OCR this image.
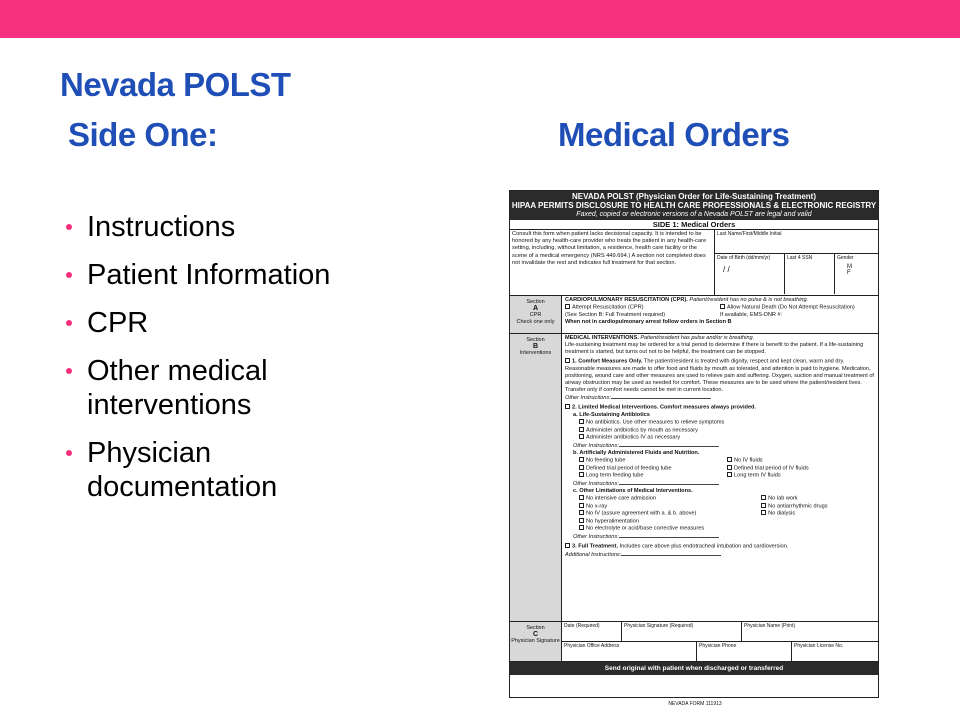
Nevada POLST
Side One:	Medical Orders
Instructions
Patient Information
CPR
Other medical interventions
Physician documentation
NEVADA POLST (Physician Order for Life-Sustaining Treatment)
HIPAA PERMITS DISCLOSURE TO HEALTH CARE PROFESSIONALS & ELECTRONIC REGISTRY
Faxed, copied or electronic versions of a Nevada POLST are legal and valid
SIDE 1: Medical Orders
Consult this form when patient lacks decisional capacity. It is intended to be honored by any health-care provider who treats the patient in any health-care setting, including, without limitation, a residence, health care facility or the scene of a medical emergency (NRS 449.694.) A section not completed does not invalidate the rest and indicates full treatment for that section.
Last Name/First/Middle Initial
Date of Birth (dd/mm/yr)
/ /
Last 4 SSN	Gender
M
F
Section
A
CPR
Check one only
CARDIOPULMONARY RESUSCITATION (CPR). Patient/resident has no pulse & is not breathing.
Attempt Resuscitation (CPR)
(See Section B: Full Treatment required)
Allow Natural Death (Do Not Attempt Resuscitation)
If available, EMS-DNR #:
When not in cardiopulmonary arrest follow orders in Section B
Section
B
Interventions
MEDICAL INTERVENTIONS. Patient/resident has pulse and/or is breathing.
Life-sustaining treatment may be ordered for a trial period to determine if there is benefit to the patient. If a life-sustaining treatment is started, but turns out not to be helpful, the treatment can be stopped.
1. Comfort Measures Only. The patient/resident is treated with dignity, respect and kept clean, warm and dry. Reasonable measures are made to offer food and fluids by mouth as tolerated, and attention is paid to hygiene. Medication, positioning, wound care and other measures are used to relieve pain and suffering. Oxygen, suction and manual treatment of airway obstruction may be used as needed for comfort. These measures are to be used where the patient/resident lives. Transfer only if comfort needs cannot be met in current location.
Other Instructions:
2. Limited Medical Interventions. Comfort measures always provided.
a. Life-Sustaining Antibiotics
No antibiotics. Use other measures to relieve symptoms
Administer antibiotics by mouth as necessary
Administer antibiotics IV as necessary
Other Instructions:
b. Artificially Administered Fluids and Nutrition.
No feeding tube
Defined trial period of feeding tube
Long term feeding tube
No IV fluids
Defined trial period of IV fluids
Long term IV fluids
Other Instructions:
c. Other Limitations of Medical Interventions.
No intensive care admission
No x-ray
No IV (assure agreement with a. & b. above)
No hyperalimentation
No electrolyte or acid/base corrective measures
No lab work
No antiarrhythmic drugs
No dialysis
Other Instructions:
3. Full Treatment. Includes care above plus endotracheal intubation and cardioversion.
Additional Instructions:
Section
C
Physician Signature
Date (Required)	Physician Signature (Required)	Physician Name (Print)
Physician Office Address	Physician Phone	Physician License No.
Send original with patient when discharged or transferred
NEVADA FORM 111913
